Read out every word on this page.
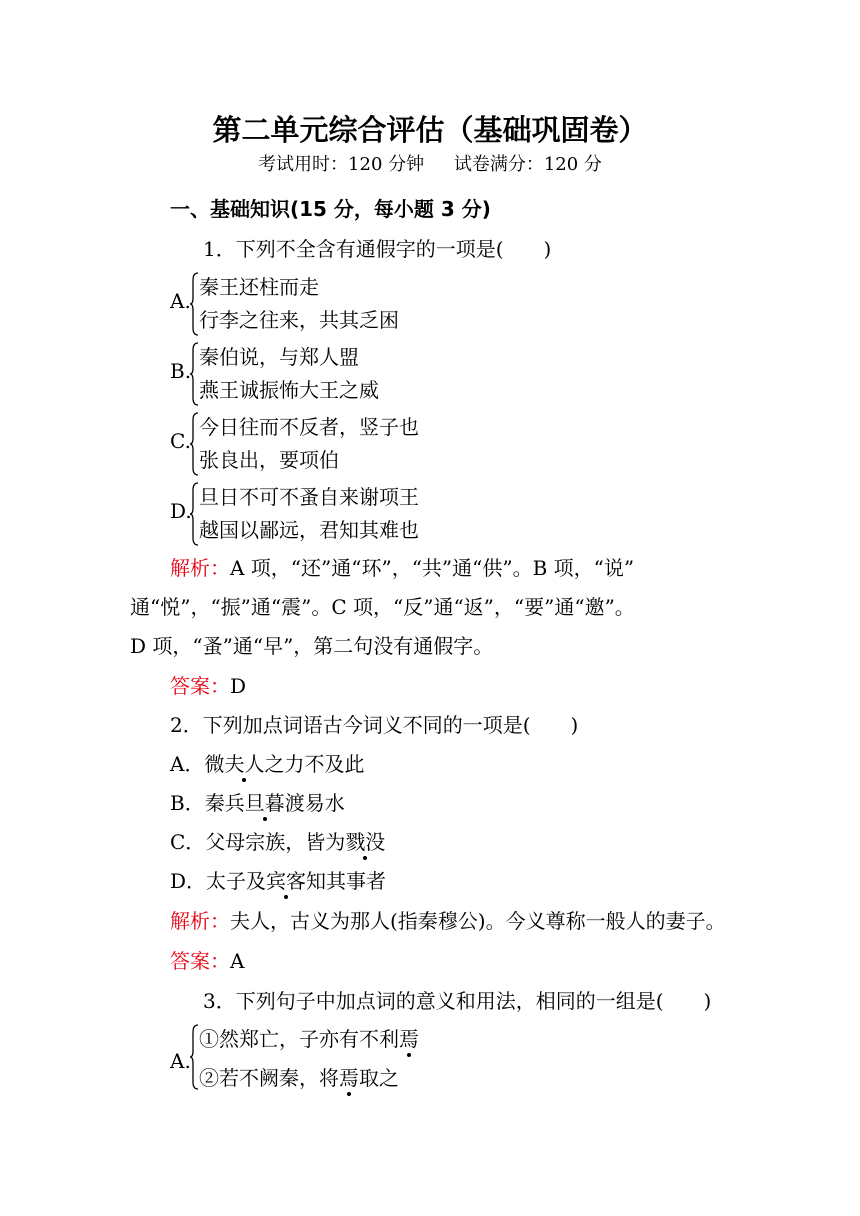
第二单元综合评估（基础巩固卷）
考试用时：120 分钟 试卷满分：120 分
一、基础知识(15 分，每小题 3 分)
1．下列不全含有通假字的一项是(　　)
A.
秦王还柱而走
行李之往来，共其乏困
B.
秦伯说，与郑人盟
燕王诚振怖大王之威
C.
今日往而不反者，竖子也
张良出，要项伯
D.
旦日不可不蚤自来谢项王
越国以鄙远，君知其难也
解析：A 项，“还”通“环”，“共”通“供”。B 项，“说”
通“悦”，“振”通“震”。C 项，“反”通“返”，“要”通“邀”。
D 项，“蚤”通“早”，第二句没有通假字。
答案：D
2．下列加点词语古今词义不同的一项是(　　)
A．微夫人之力不及此
B．秦兵旦暮渡易水
C．父母宗族，皆为戮没
D．太子及宾客知其事者
解析：夫人，古义为那人(指秦穆公)。今义尊称一般人的妻子。
答案：A
3．下列句子中加点词的意义和用法，相同的一组是(　　)
A.
①然郑亡，子亦有不利焉
②若不阙秦，将焉取之
